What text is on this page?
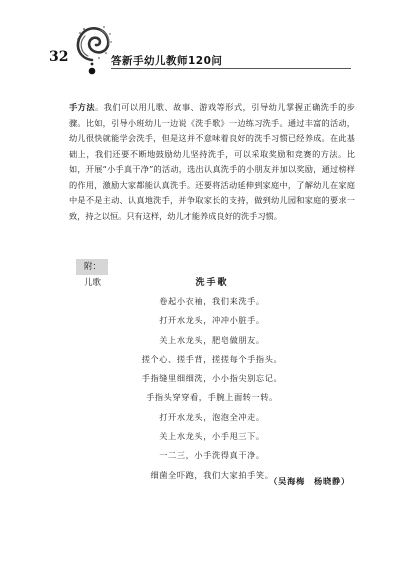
32	答新手幼儿教师120问

手方法。我们可以用儿歌、故事、游戏等形式，引导幼儿掌握正确洗手的步骤。比如，引导小班幼儿一边说《洗手歌》一边练习洗手。通过丰富的活动，幼儿很快就能学会洗手，但是这并不意味着良好的洗手习惯已经养成。在此基础上，我们还要不断地鼓励幼儿坚持洗手，可以采取奖励和竞赛的方法。比如，开展“小手真干净”的活动，选出认真洗手的小朋友并加以奖励，通过榜样的作用，激励大家都能认真洗手。还要将活动延伸到家庭中，了解幼儿在家庭中是不是主动、认真地洗手，并争取家长的支持，做到幼儿园和家庭的要求一致，持之以恒。只有这样，幼儿才能养成良好的洗手习惯。

附：儿歌	洗手歌
卷起小衣袖，我们来洗手。
打开水龙头，冲冲小脏手。
关上水龙头，肥皂做朋友。
搓个心、搓手背，搓搓每个手指头。
手指缝里细细洗，小小指尖别忘记。
手指头穿穿看，手腕上面转一转。
打开水龙头，泡泡全冲走。
关上水龙头，小手甩三下。
一二三，小手洗得真干净。
细菌全吓跑，我们大家拍手笑。
（吴海梅　杨晓静）
